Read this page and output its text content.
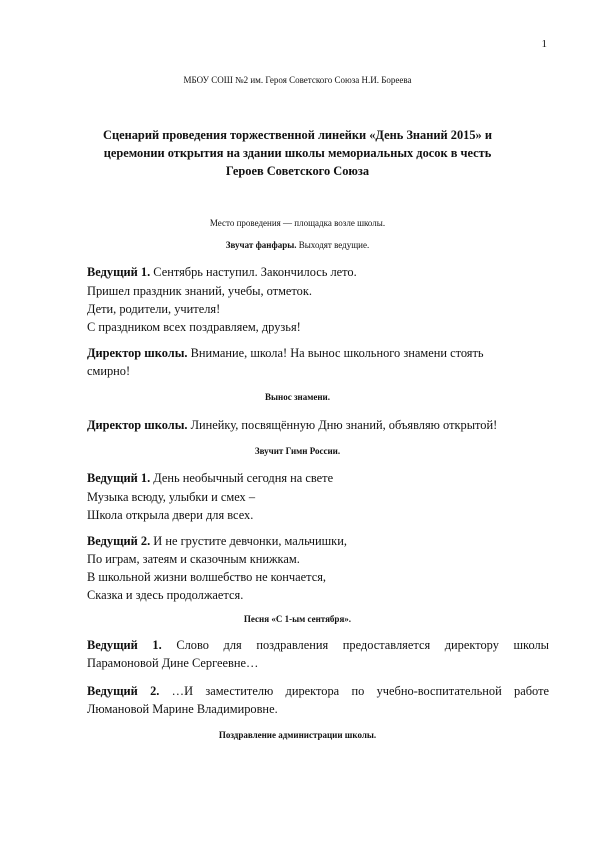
1
МБОУ СОШ №2 им. Героя Советского Союза Н.И. Бореева
Сценарий проведения торжественной линейки «День Знаний 2015» и
церемонии открытия на здании школы мемориальных досок в честь
Героев Советского Союза
Место проведения — площадка возле школы.
Звучат фанфары. Выходят ведущие.
Ведущий 1. Сентябрь наступил. Закончилось лето.
Пришел праздник знаний, учебы, отметок.
Дети, родители, учителя!
С праздником всех поздравляем, друзья!
Директор школы. Внимание, школа! На вынос школьного знамени стоять
смирно!
Вынос знамени.
Директор школы. Линейку, посвящённую Дню знаний, объявляю открытой!
Звучит Гимн России.
Ведущий 1. День необычный сегодня на свете
Музыка всюду, улыбки и смех –
Школа открыла двери для всех.
Ведущий 2. И не грустите девчонки, мальчишки,
По играм, затеям и сказочным книжкам.
В школьной жизни волшебство не кончается,
Сказка и здесь продолжается.
Песня «С 1-ым сентября».
Ведущий 1. Слово для поздравления предоставляется директору школы
Парамоновой Дине Сергеевне…
Ведущий 2. …И заместителю директора по учебно-воспитательной работе
Люмановой Марине Владимировне.
Поздравление администрации школы.
